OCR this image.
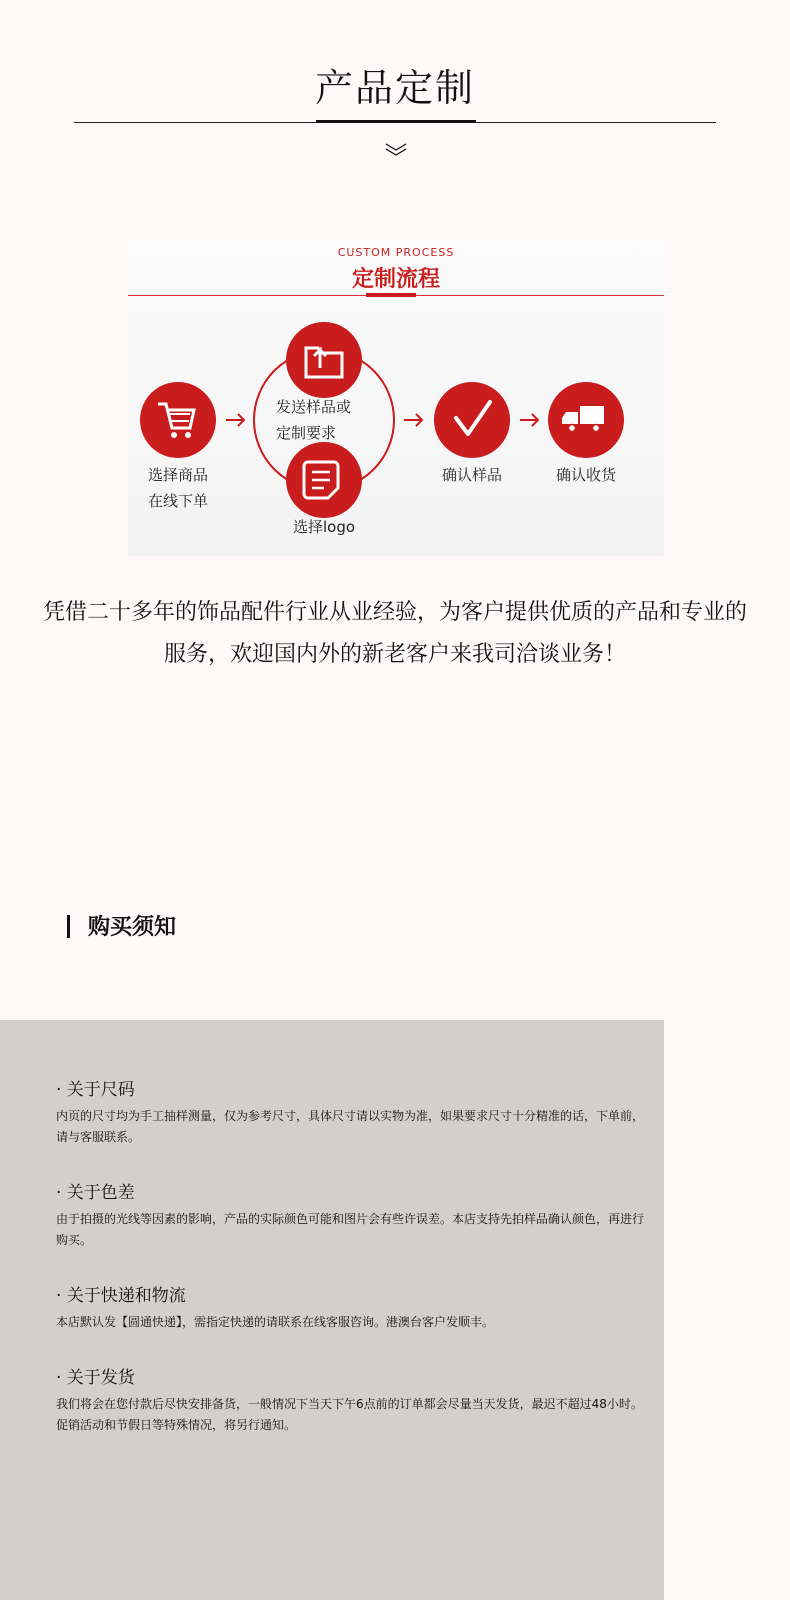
产品定制
CUSTOM PROCESS
定制流程
选择商品
在线下单
发送样品或
定制要求
选择logo
确认样品	确认收货
凭借二十多年的饰品配件行业从业经验，为客户提供优质的产品和专业的服务，欢迎国内外的新老客户来我司洽谈业务！
购买须知
· 关于尺码
内页的尺寸均为手工抽样测量，仅为参考尺寸，具体尺寸请以实物为准，如果要求尺寸十分精准的话，下单前，请与客服联系。
· 关于色差
由于拍摄的光线等因素的影响，产品的实际颜色可能和图片会有些许误差。本店支持先拍样品确认颜色，再进行购买。
· 关于快递和物流
本店默认发【圆通快递】，需指定快递的请联系在线客服咨询。港澳台客户发顺丰。
· 关于发货
我们将会在您付款后尽快安排备货，一般情况下当天下午6点前的订单都会尽量当天发货，最迟不超过48小时。促销活动和节假日等特殊情况，将另行通知。
